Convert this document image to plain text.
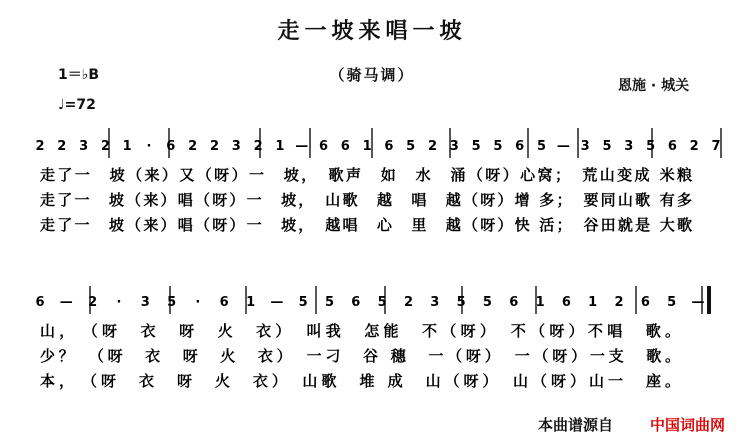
走一坡来唱一坡
（骑马调）
1＝♭B
♩=72
恩施 · 城关
2 2 3 2 1 · 6 2 2 3 2 1 — 6 6 1 6 5 2 3 5 5 6 5 — 3 5 3 5 6 2 7
6 — 2 · 3 5 · 6 1 — 5 5 6 5 2 3 5 5 6 1 6 1 2 6 5 —
走了一　坡（来）又（呀）一　坡，　歌声　如　水　涌（呀）心窝；　荒山变成 米粮
走了一　坡（来）唱（呀）一　坡，　山歌　越　唱　越（呀）增 多；　要同山歌 有多
走了一　坡（来）唱（呀）一　坡，　越唱　心　里　越（呀）快 活；　谷田就是 大歌
山，　（呀　衣　呀　火　衣）　叫我　怎能　不（呀）　不（呀）不唱　歌。
少？　（呀　衣　呀　火　衣）　一刁　谷 穗　一（呀）　一（呀）一支　歌。
本，　（呀　衣　呀　火　衣）　山歌　堆 成　山（呀）　山（呀）山一　座。
本曲谱源自 中国词曲网
